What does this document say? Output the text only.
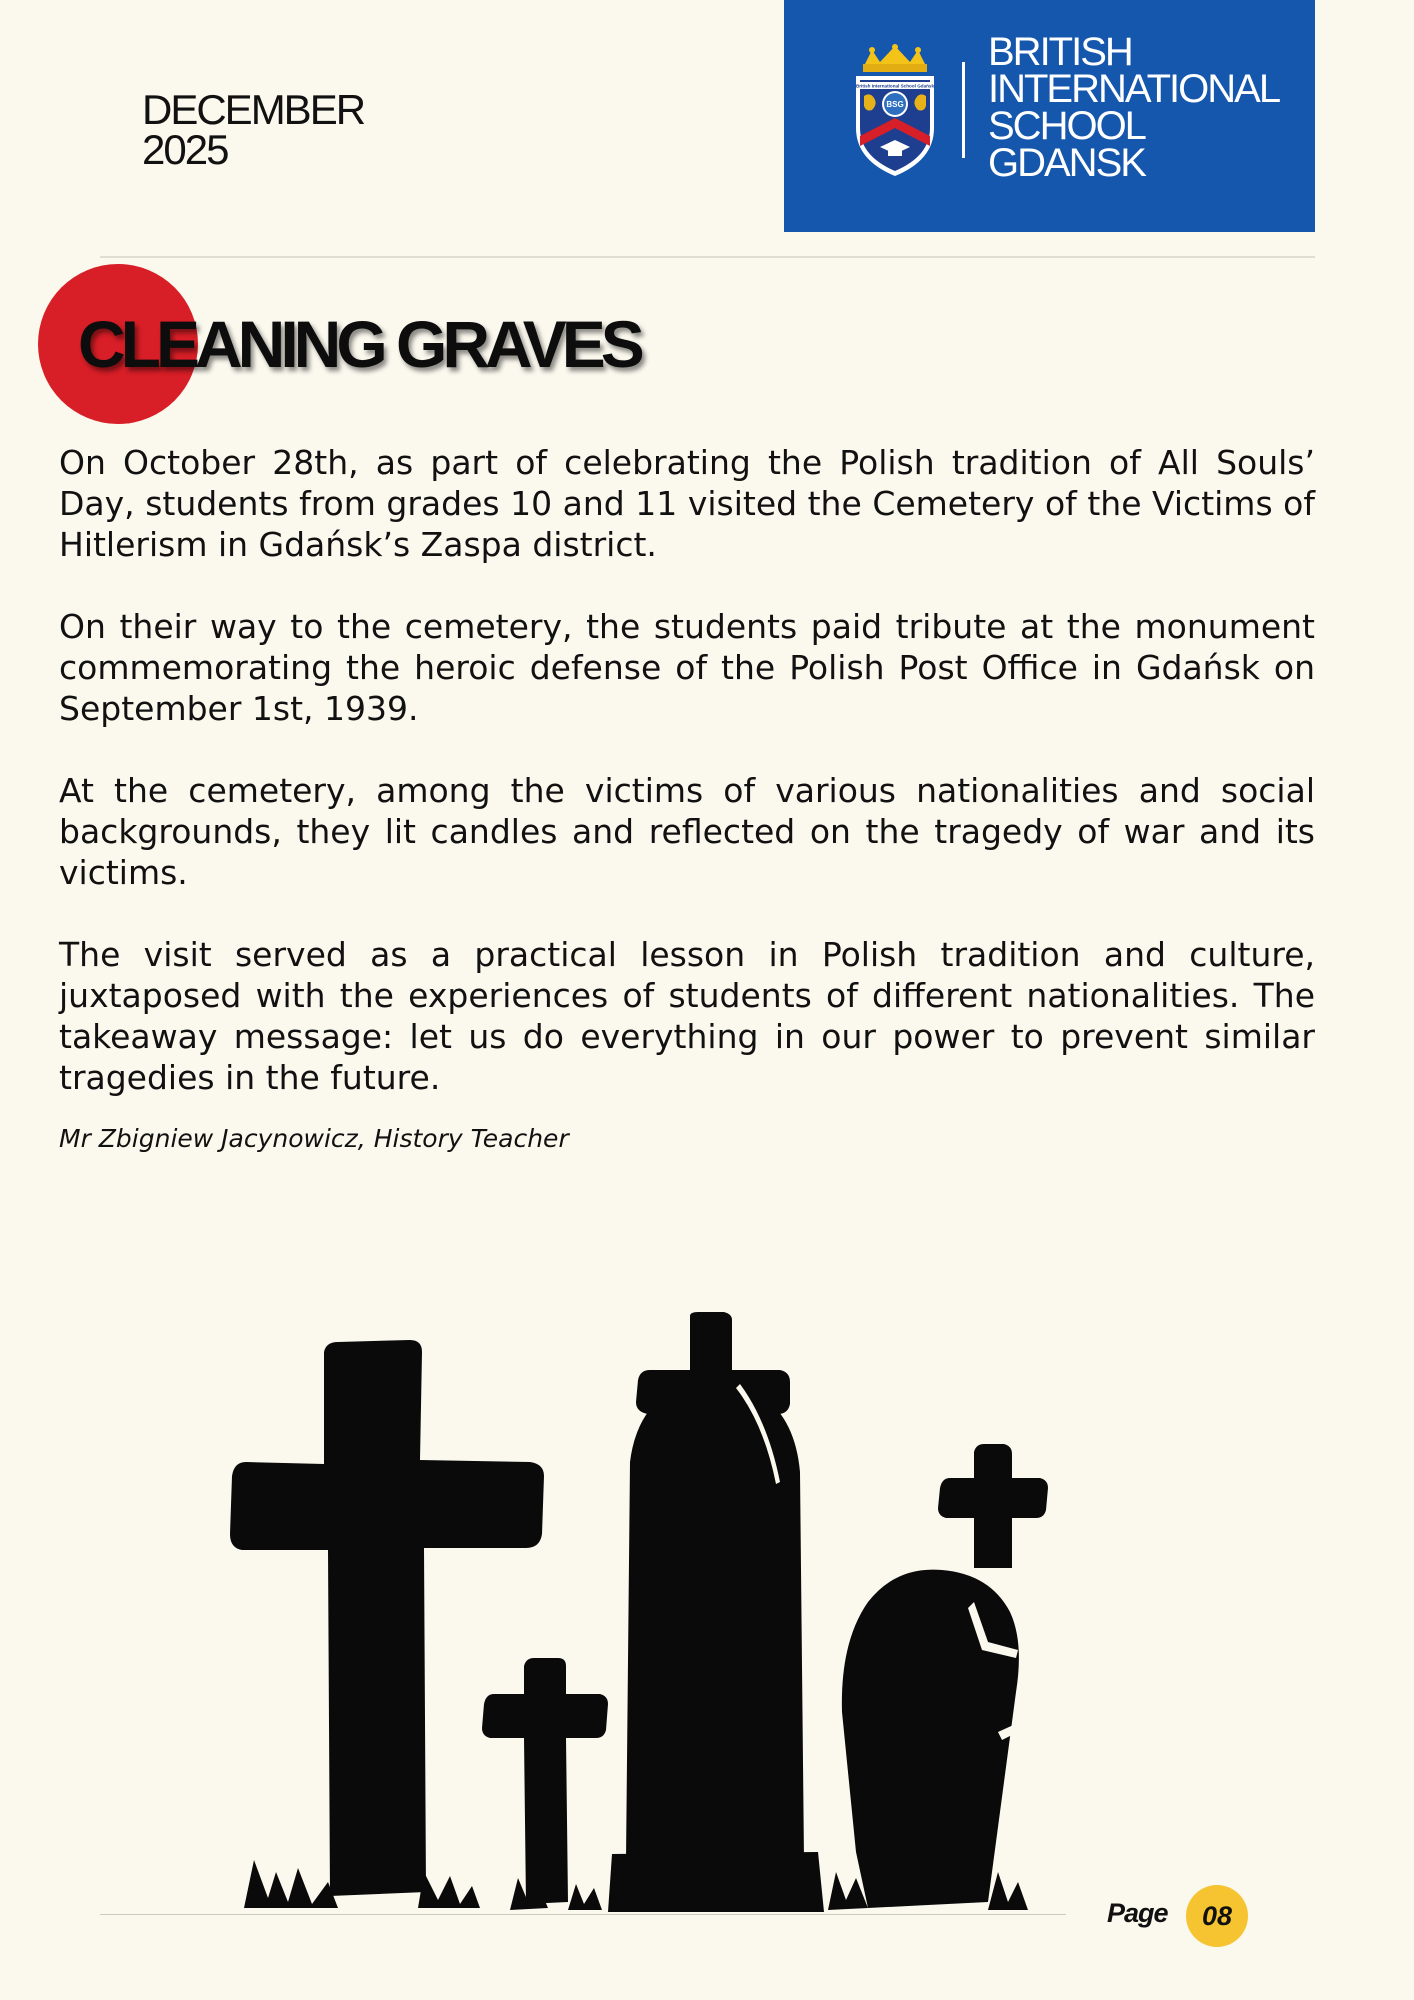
DECEMBER
2025
British International School Gdańsk
BSG
BRITISH
INTERNATIONAL
SCHOOL
GDANSK
CLEANING GRAVES

On October 28th, as part of celebrating the Polish tradition of All Souls’ Day, students from grades 10 and 11 visited the Cemetery of the Victims of Hitlerism in Gdańsk’s Zaspa district.

On their way to the cemetery, the students paid tribute at the monument commemorating the heroic defense of the Polish Post Office in Gdańsk on September 1st, 1939.

At the cemetery, among the victims of various nationalities and social backgrounds, they lit candles and reflected on the tragedy of war and its victims.

The visit served as a practical lesson in Polish tradition and culture, juxtaposed with the experiences of students of different nationalities. The takeaway message: let us do everything in our power to prevent similar tragedies in the future.

Mr Zbigniew Jacynowicz, History Teacher
Page	08
